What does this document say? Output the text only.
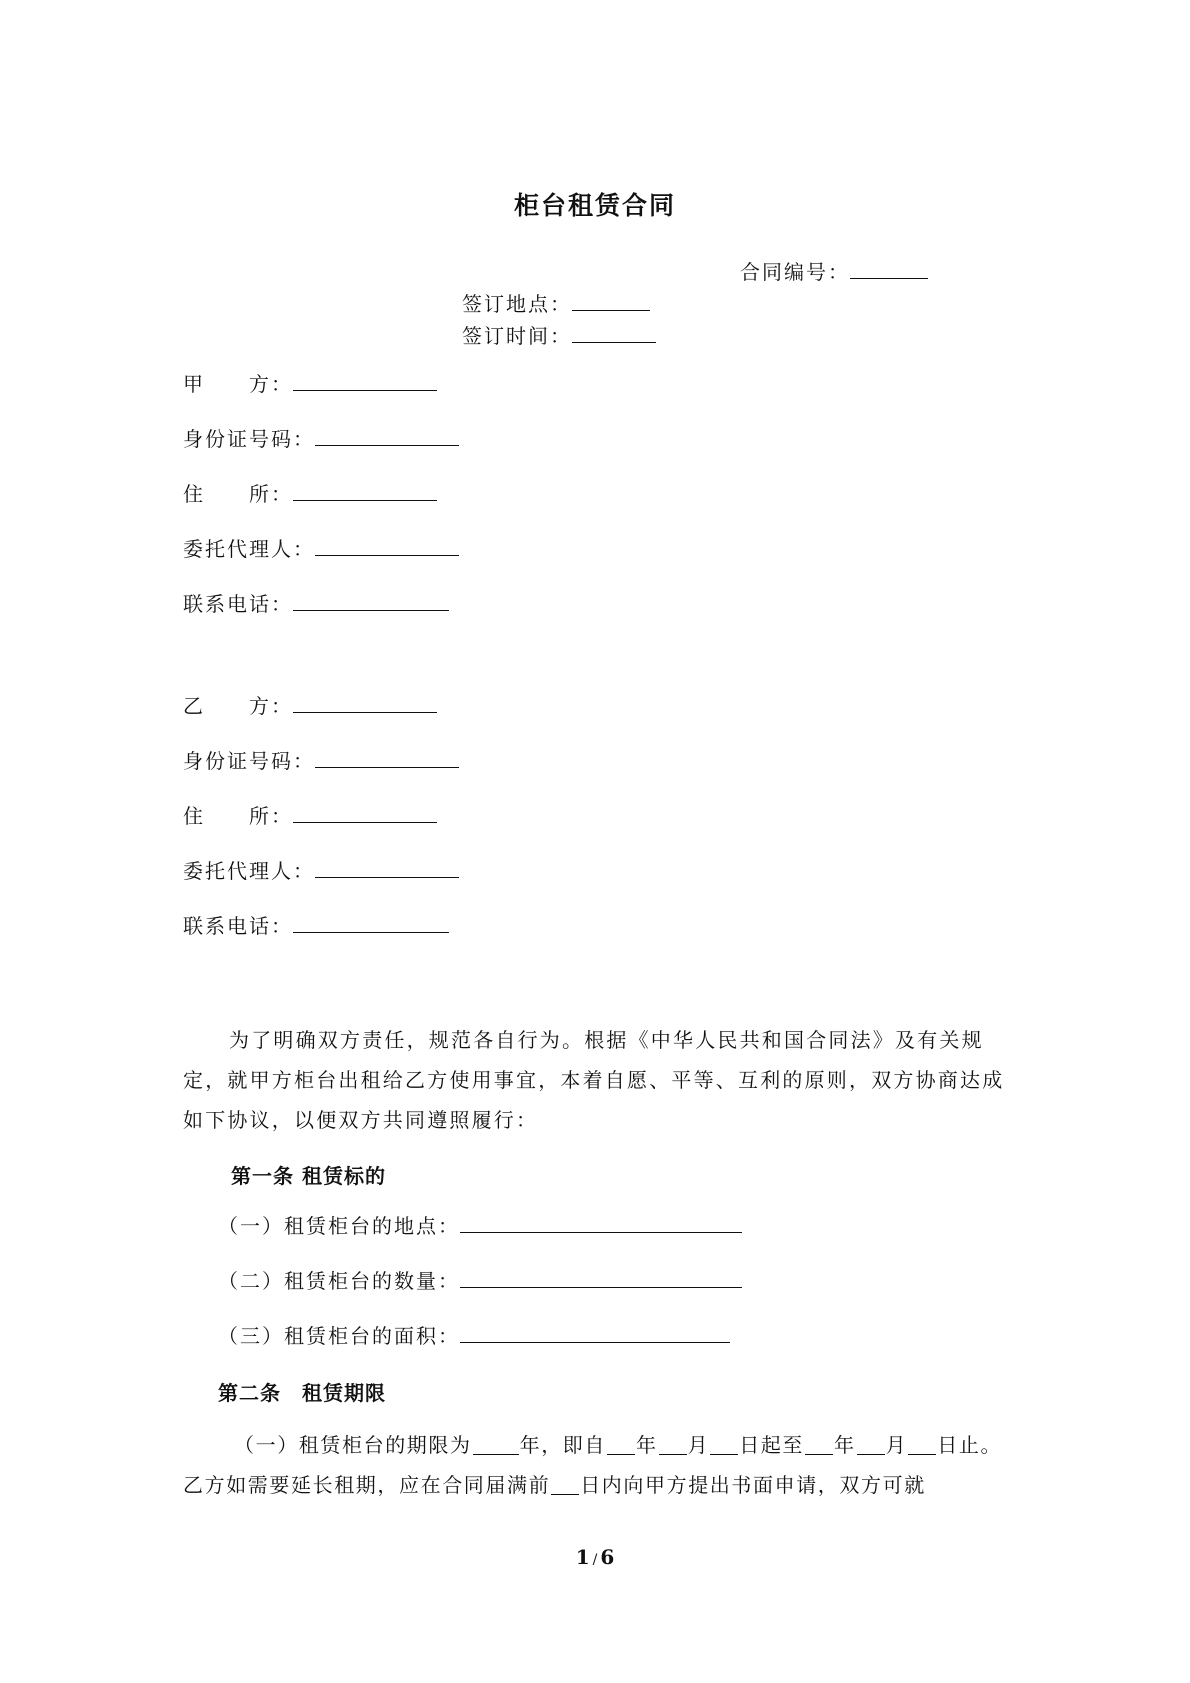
柜台租赁合同
合同编号：
签订地点：
签订时间：
甲　　方：
身份证号码：
住　　所：
委托代理人：
联系电话：
乙　　方：
身份证号码：
住　　所：
委托代理人：
联系电话：
为了明确双方责任，规范各自行为。根据《中华人民共和国合同法》及有关规定，就甲方柜台出租给乙方使用事宜，本着自愿、平等、互利的原则，双方协商达成如下协议，以便双方共同遵照履行：
第一条 租赁标的
（一）租赁柜台的地点：
（二）租赁柜台的数量：
（三）租赁柜台的面积：
第二条　租赁期限
（一）租赁柜台的期限为 年，即自 年 月 日起至 年 月 日止。
乙方如需要延长租期，应在合同届满前 日内向甲方提出书面申请，双方可就
1 / 6
